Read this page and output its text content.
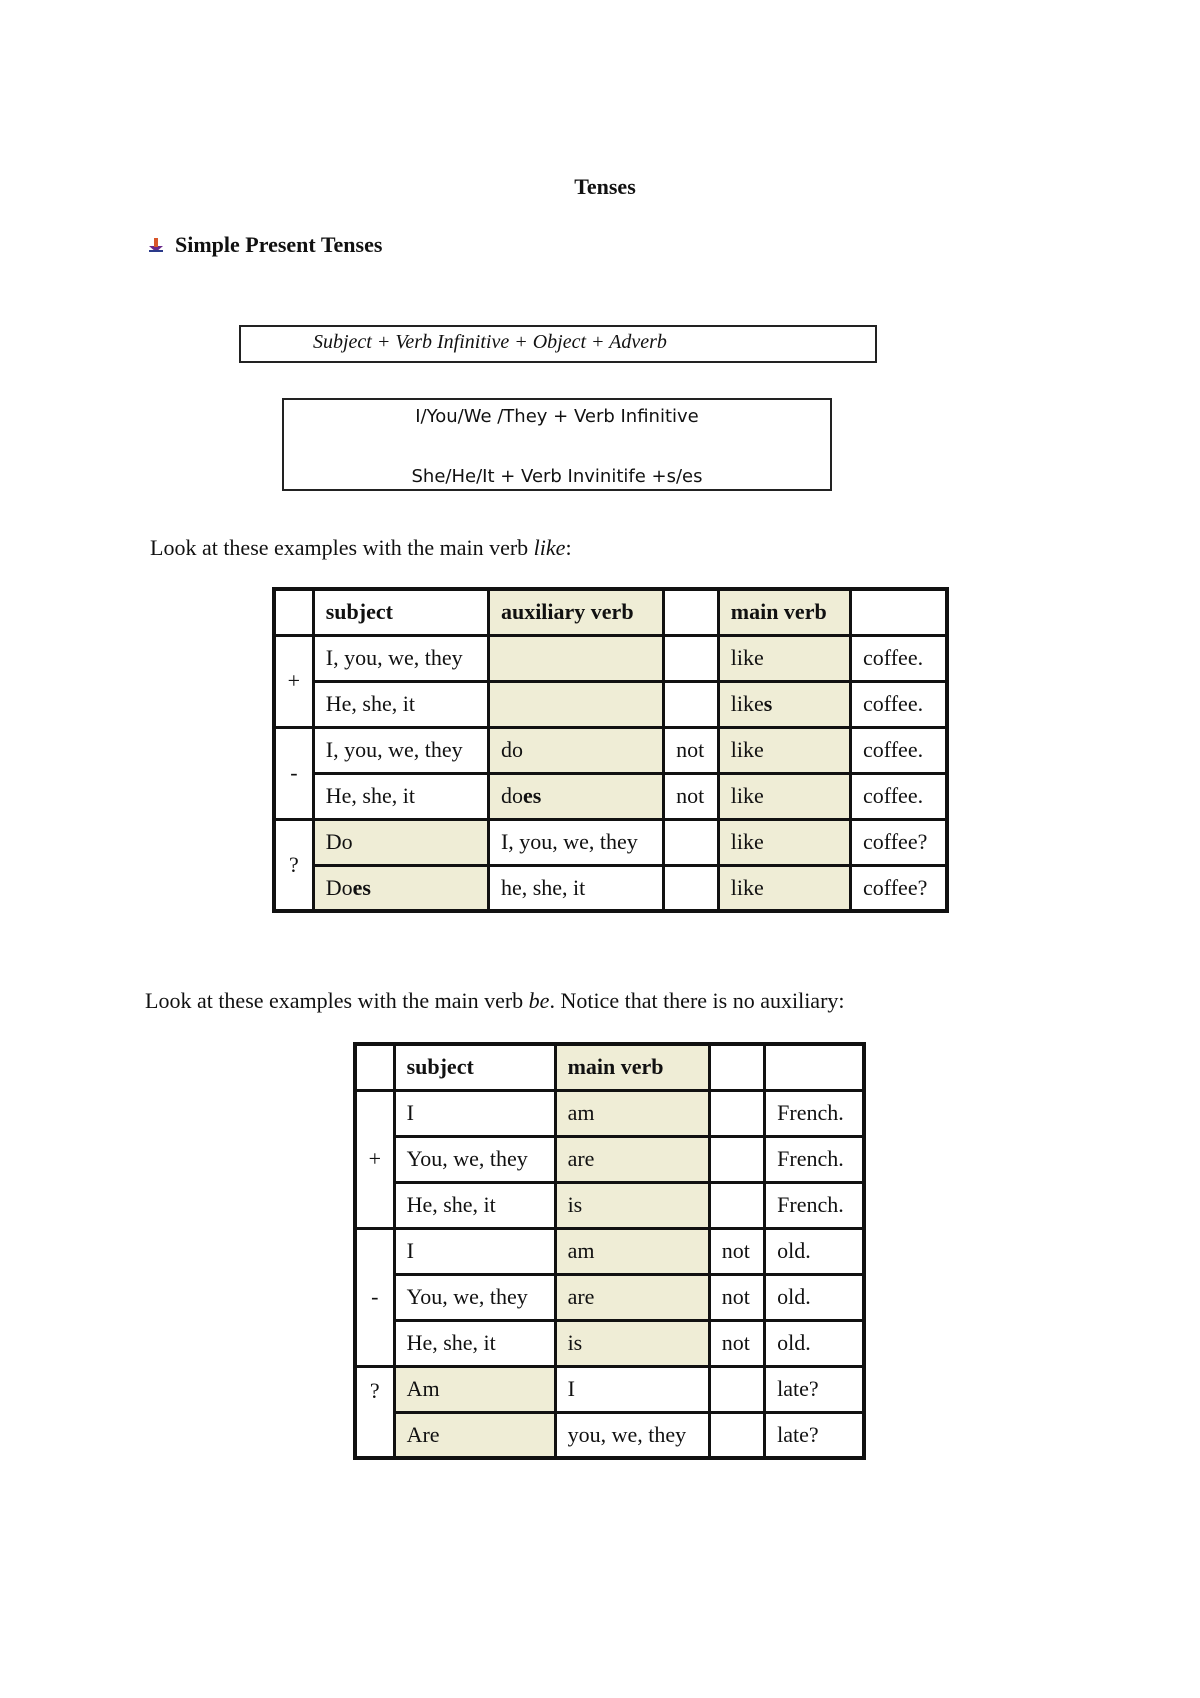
Tenses
Simple Present Tenses
Subject + Verb Infinitive + Object + Adverb
I/You/We /They + Verb Infinitive
She/He/It + Verb Invinitife +s/es
Look at these examples with the main verb like:
	subject	auxiliary verb		main verb	
+	I, you, we, they			like	coffee.
	He, she, it			likes	coffee.
-	I, you, we, they	do	not	like	coffee.
	He, she, it	does	not	like	coffee.
?	Do	I, you, we, they		like	coffee?
	Does	he, she, it		like	coffee?
Look at these examples with the main verb be. Notice that there is no auxiliary:
	subject	main verb		
+	I	am		French.
	You, we, they	are		French.
	He, she, it	is		French.
-	I	am	not	old.
	You, we, they	are	not	old.
	He, she, it	is	not	old.
?	Am	I		late?
	Are	you, we, they		late?
